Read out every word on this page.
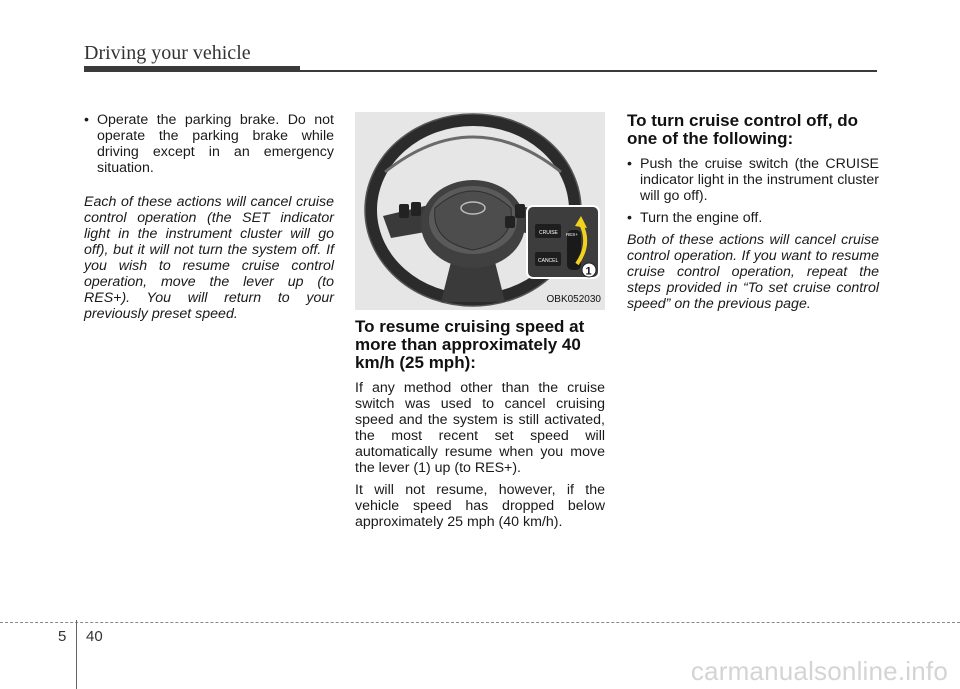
Driving your vehicle

• Operate the parking brake. Do not operate the parking brake while driving except in an emergency situation.

Each of these actions will cancel cruise control operation (the SET indicator light in the instrument cluster will go off), but it will not turn the system off. If you wish to resume cruise control operation, move the lever up (to RES+). You will return to your previously preset speed.

CRUISE
CANCEL
RES+
1
OBK052030
To resume cruising speed at more than approximately 40 km/h (25 mph):

If any method other than the cruise switch was used to cancel cruising speed and the system is still activated, the most recent set speed will automatically resume when you move the lever (1) up (to RES+).

It will not resume, however, if the vehicle speed has dropped below approximately 25 mph (40 km/h).

To turn cruise control off, do one of the following:

• Push the cruise switch (the CRUISE indicator light in the instrument cluster will go off).

• Turn the engine off.

Both of these actions will cancel cruise control operation. If you want to resume cruise control operation, repeat the steps provided in “To set cruise control speed” on the previous page.

5 40
carmanualsonline.info
